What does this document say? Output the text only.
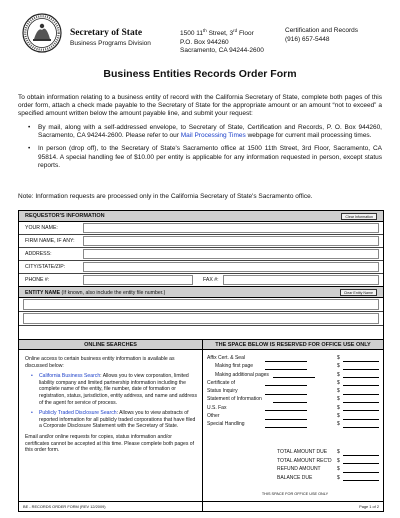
Secretary of State
Business Programs Division
1500 11th Street, 3rd Floor
P.O. Box 944260
Sacramento, CA 94244-2600
Certification and Records
(916) 657-5448
Business Entities Records Order Form

To obtain information relating to a business entity of record with the California Secretary of State, complete both pages of this order form, attach a check made payable to the Secretary of State for the appropriate amount or an amount “not to exceed” a specified amount written below the amount payable line, and submit your request:

• By mail, along with a self-addressed envelope, to Secretary of State, Certification and Records, P. O. Box 944260, Sacramento, CA 94244-2600. Please refer to our Mail Processing Times webpage for current mail processing times.
• In person (drop off), to the Secretary of State's Sacramento office at 1500 11th Street, 3rd Floor, Sacramento, CA 95814. A special handling fee of $10.00 per entity is applicable for any information requested in person, except status reports.
Note: Information requests are processed only in the California Secretary of State's Sacramento office.
REQUESTOR'S INFORMATION	Clear Information
YOUR NAME:
FIRM NAME, IF ANY:
ADDRESS:
CITY/STATE/ZIP:
PHONE #:	FAX #:
ENTITY NAME (If known, also include the entity file number.)	Clear Entity Name
ONLINE SEARCHES	THE SPACE BELOW IS RESERVED FOR OFFICE USE ONLY

Online access to certain business entity information is available as discussed below:

• California Business Search: Allows you to view corporation, limited liability company and limited partnership information including the complete name of the entity, file number, date of formation or registration, status, jurisdiction, entity address, and name and address of the agent for service of process.
• Publicly Traded Disclosure Search: Allows you to view abstracts of reported information for all publicly traded corporations that have filed a Corporate Disclosure Statement with the Secretary of State.

Email and/or online requests for copies, status information and/or certificates cannot be accepted at this time. Please complete both pages of this order form.

Affix Cert. & Seal	$
Making first page	$
Making additional pages	$
Certificate of	$
Status Inquiry	$
Statement of Information	$
U.S. Fax	$
Other	$
Special Handling	$
TOTAL AMOUNT DUE $
TOTAL AMOUNT REC'D $
REFUND AMOUNT	$
BALANCE DUE	$
THIS SPACE FOR OFFICE USE ONLY
BE - RECORDS ORDER FORM (REV 12/2009)	Page 1 of 2
